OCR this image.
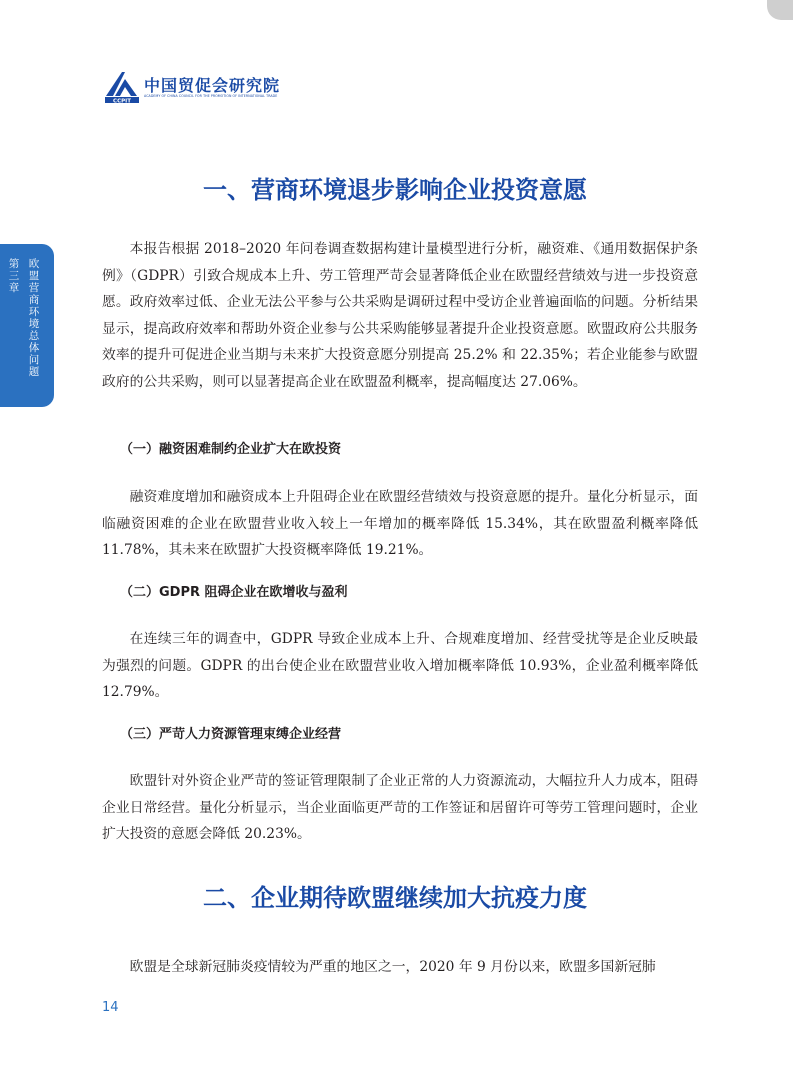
CCPIT
中国贸促会研究院
ACADEMY OF CHINA COUNCIL FOR THE PROMOTION OF INTERNATIONAL TRADE
第三章
欧盟营商环境总体问题
一、营商环境退步影响企业投资意愿

本报告根据 2018–2020 年问卷调查数据构建计量模型进行分析，融资难、《通用数据保护条例》（GDPR）引致合规成本上升、劳工管理严苛会显著降低企业在欧盟经营绩效与进一步投资意愿。政府效率过低、企业无法公平参与公共采购是调研过程中受访企业普遍面临的问题。分析结果显示，提高政府效率和帮助外资企业参与公共采购能够显著提升企业投资意愿。欧盟政府公共服务效率的提升可促进企业当期与未来扩大投资意愿分别提高 25.2% 和 22.35%；若企业能参与欧盟政府的公共采购，则可以显著提高企业在欧盟盈利概率，提高幅度达 27.06%。

（一）融资困难制约企业扩大在欧投资

融资难度增加和融资成本上升阻碍企业在欧盟经营绩效与投资意愿的提升。量化分析显示，面临融资困难的企业在欧盟营业收入较上一年增加的概率降低 15.34%，其在欧盟盈利概率降低 11.78%，其未来在欧盟扩大投资概率降低 19.21%。

（二）GDPR 阻碍企业在欧增收与盈利

在连续三年的调查中，GDPR 导致企业成本上升、合规难度增加、经营受扰等是企业反映最为强烈的问题。GDPR 的出台使企业在欧盟营业收入增加概率降低 10.93%，企业盈利概率降低 12.79%。

（三）严苛人力资源管理束缚企业经营

欧盟针对外资企业严苛的签证管理限制了企业正常的人力资源流动，大幅拉升人力成本，阻碍企业日常经营。量化分析显示，当企业面临更严苛的工作签证和居留许可等劳工管理问题时，企业扩大投资的意愿会降低 20.23%。

二、企业期待欧盟继续加大抗疫力度

欧盟是全球新冠肺炎疫情较为严重的地区之一，2020 年 9 月份以来，欧盟多国新冠肺

14
